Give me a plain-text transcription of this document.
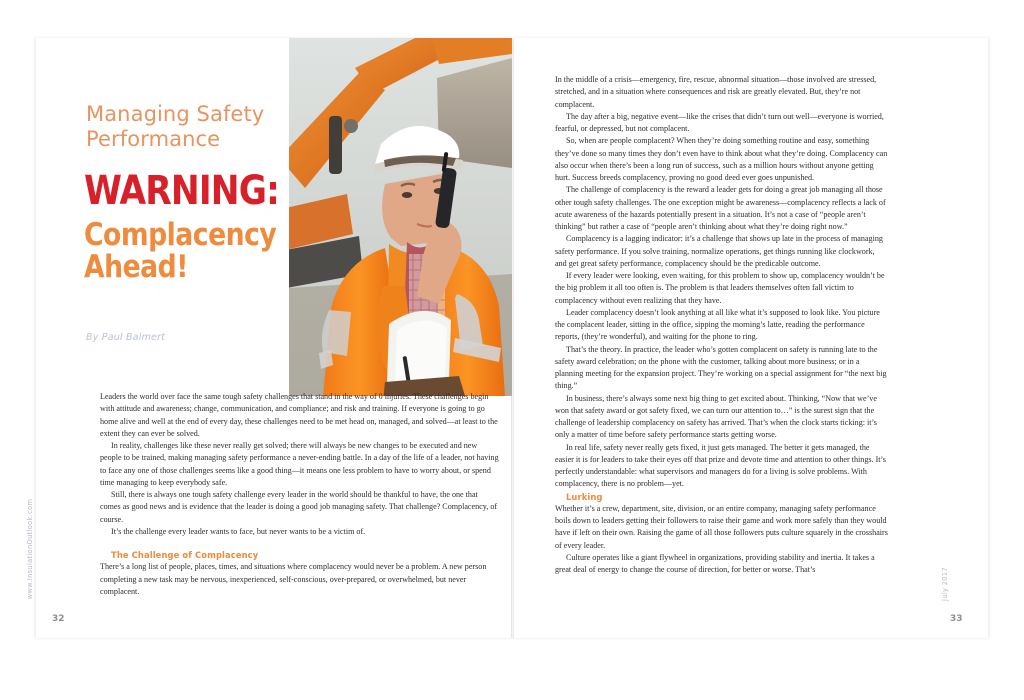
Managing Safety Performance
WARNING:
Complacency
Ahead!
By Paul Balmert

Leaders the world over face the same tough safety challenges that stand in the way of 0 injuries. These challenges begin with attitude and awareness; change, communication, and compliance; and risk and training. If everyone is going to go home alive and well at the end of every day, these challenges need to be met head on, managed, and solved—at least to the extent they can ever be solved.

In reality, challenges like these never really get solved; there will always be new changes to be executed and new people to be trained, making managing safety performance a never-ending battle. In a day of the life of a leader, not having to face any one of those challenges seems like a good thing—it means one less problem to have to worry about, or spend time managing to keep everybody safe.

Still, there is always one tough safety challenge every leader in the world should be thankful to have, the one that comes as good news and is evidence that the leader is doing a good job managing safety. That challenge? Complacency, of course.

It’s the challenge every leader wants to face, but never wants to be a victim of.

The Challenge of Complacency

There’s a long list of people, places, times, and situations where complacency would never be a problem. A new person completing a new task may be nervous, inexperienced, self-conscious, over-prepared, or overwhelmed, but never complacent.

In the middle of a crisis—emergency, fire, rescue, abnormal situation—those involved are stressed, stretched, and in a situation where consequences and risk are greatly elevated. But, they’re not complacent.

The day after a big, negative event—like the crises that didn’t turn out well—everyone is worried, fearful, or depressed, but not complacent.

So, when are people complacent? When they’re doing something routine and easy, something they’ve done so many times they don’t even have to think about what they’re doing. Complacency can also occur when there’s been a long run of success, such as a million hours without anyone getting hurt. Success breeds complacency, proving no good deed ever goes unpunished.

The challenge of complacency is the reward a leader gets for doing a great job managing all those other tough safety challenges. The one exception might be awareness—complacency reflects a lack of acute awareness of the hazards potentially present in a situation. It’s not a case of “people aren’t thinking” but rather a case of “people aren’t thinking about what they’re doing right now.”

Complacency is a lagging indicator: it’s a challenge that shows up late in the process of managing safety performance. If you solve training, normalize operations, get things running like clockwork, and get great safety performance, complacency should be the predicable outcome.

If every leader were looking, even waiting, for this problem to show up, complacency wouldn’t be the big problem it all too often is. The problem is that leaders themselves often fall victim to complacency without even realizing that they have.

Leader complacency doesn’t look anything at all like what it’s supposed to look like. You picture the complacent leader, sitting in the office, sipping the morning’s latte, reading the performance reports, (they’re wonderful), and waiting for the phone to ring.

That’s the theory. In practice, the leader who’s gotten complacent on safety is running late to the safety award celebration; on the phone with the customer, talking about more business; or in a planning meeting for the expansion project. They’re working on a special assignment for “the next big thing.”

In business, there’s always some next big thing to get excited about. Thinking, “Now that we’ve won that safety award or got safety fixed, we can turn our attention to…” is the surest sign that the challenge of leadership complacency on safety has arrived. That’s when the clock starts ticking: it’s only a matter of time before safety performance starts getting worse.

In real life, safety never really gets fixed, it just gets managed. The better it gets managed, the easier it is for leaders to take their eyes off that prize and devote time and attention to other things. It’s perfectly understandable: what supervisors and managers do for a living is solve problems. With complacency, there is no problem—yet.

Lurking

Whether it’s a crew, department, site, division, or an entire company, managing safety performance boils down to leaders getting their followers to raise their game and work more safely than they would have if left on their own. Raising the game of all those followers puts culture squarely in the crosshairs of every leader.

Culture operates like a giant flywheel in organizations, providing stability and inertia. It takes a great deal of energy to change the course of direction, for better or worse. That’s

32	33
www.InsulationOutlook.com	July 2017
